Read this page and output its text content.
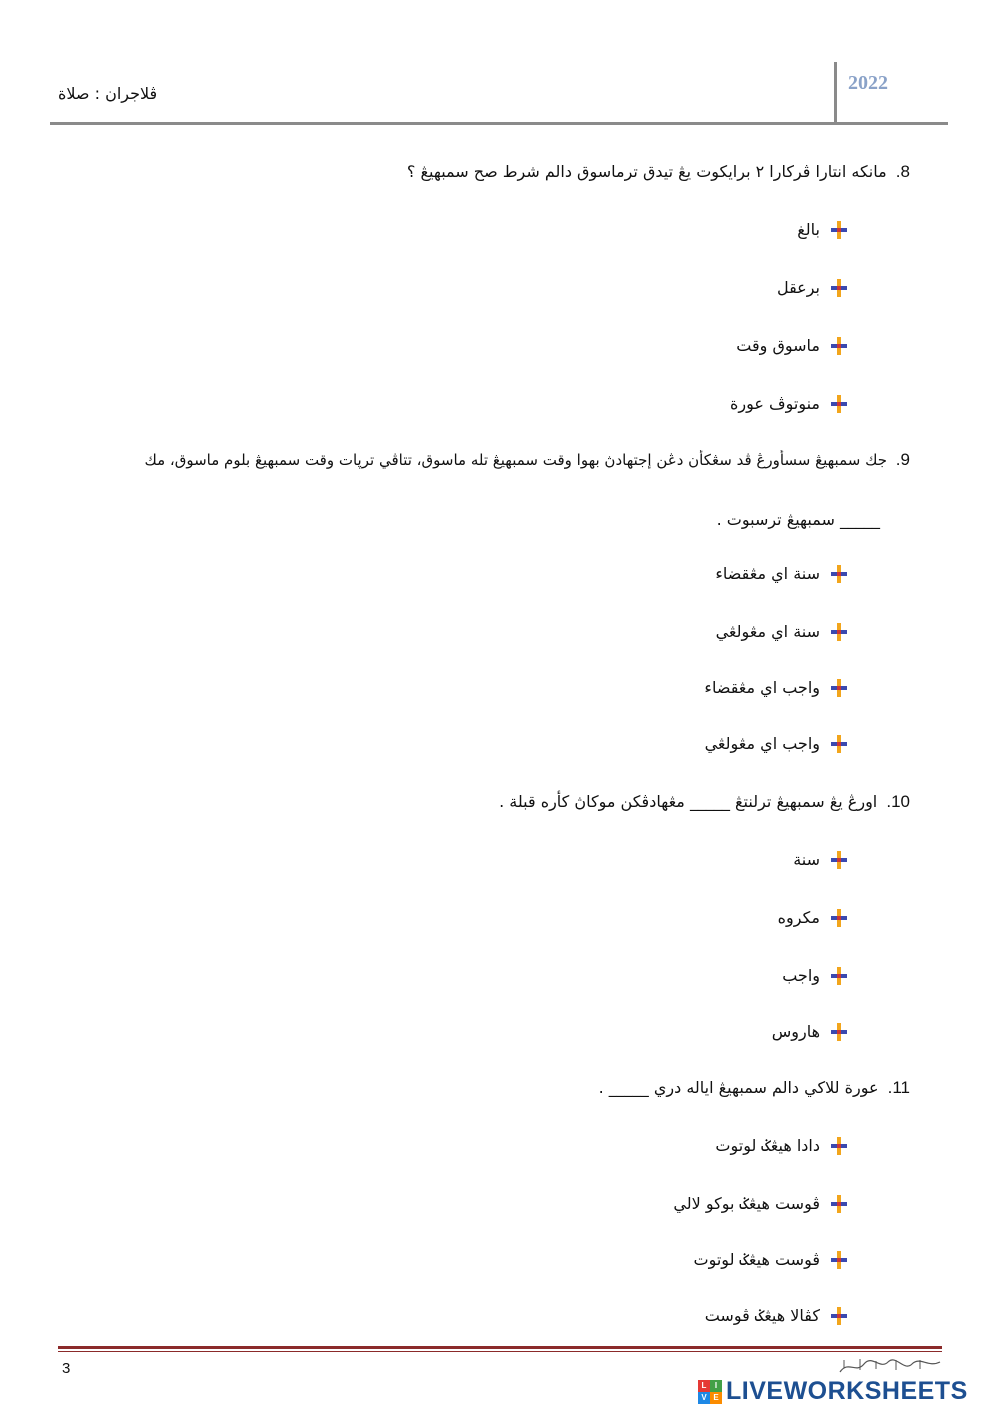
2022
ڤلاجران : صلاة
8. مانكه انتارا ڤركارا ٢ برايكوت يڠ تيدق ترماسوق دالم شرط صح سمبهيڠ ؟
بالغ
برعقل
ماسوق وقت
منوتوڤ عورة
9. جك سمبهيڠ سسأورڠ ڤد سڠكأن دڠن إجتهادڽ بهوا وقت سمبهيڠ تله ماسوق، تتاڤي ترڽات وقت سمبهيڠ بلوم ماسوق، مك
_____ سمبهيڠ ترسبوت .
سنة اي مڠقضاء
سنة اي مڠولڠي
واجب اي مڠقضاء
واجب اي مڠولڠي
10. اورڠ يڠ سمبهيڠ ترلنتڠ _____ مڠهادڤكن موكاڽ كأره قبلة .
سنة
مكروه
واجب
هاروس
11. عورة للاكي دالم سمبهيڠ اياله دري _____ .
دادا هيڠݢ لوتوت
ڤوست هيڠݢ بوكو لالي
ڤوست هيڠݢ لوتوت
كڤالا هيڠݢ ڤوست
3
L	I
V E LIVEWORKSHEETS
